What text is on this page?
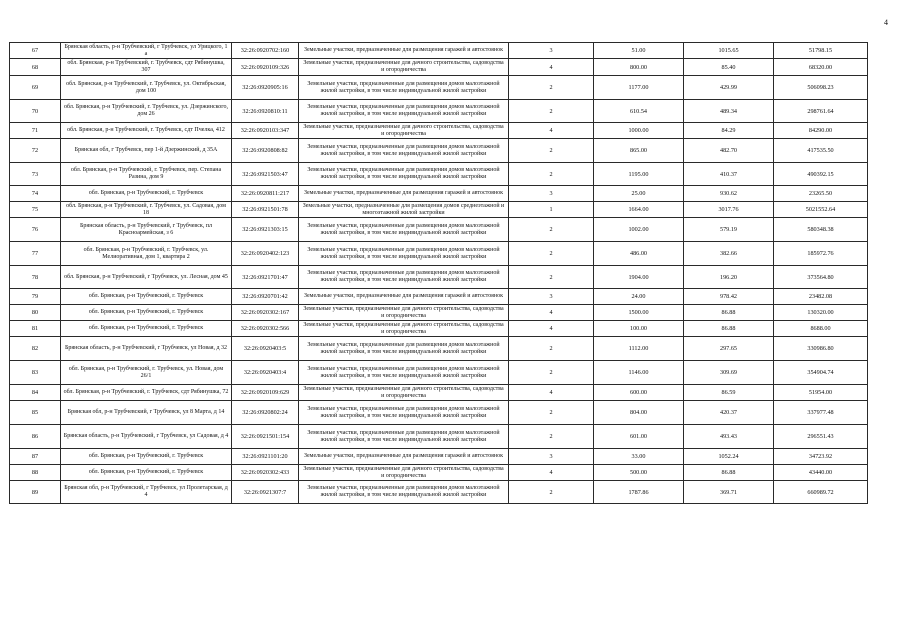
4
67	Брянская область, р-н Трубчевский, г Трубчевск, ул Урицкого, 1 а	32:26:0920702:160	Земельные участки, предназначенные для размещения гаражей и автостоянок	3	51.00	1015.65	51798.15
68	обл. Брянская, р-н Трубчевский, г. Трубчевск, сдт Рябинушка, 307	32:26:0920109:326	Земельные участки, предназначенные для дачного строительства, садоводства и огородничества	4	800.00	85.40	68320.00
69	обл. Брянская, р-н Трубчевский, г. Трубчевск, ул. Октябрьская, дом 100	32:26:0920905:16	Земельные участки, предназначенные для размещения домов малоэтажной жилой застройки, в том числе индивидуальной жилой застройки	2	1177.00	429.99	506098.23
70	обл. Брянская, р-н Трубчевский, г. Трубчевск, ул. Дзержинского, дом 26	32:26:0920810:11	Земельные участки, предназначенные для размещения домов малоэтажной жилой застройки, в том числе индивидуальной жилой застройки	2	610.54	489.34	298761.64
71	обл. Брянская, р-н Трубчевский, г. Трубчевск, сдт Пчелка, 412	32:26:0920103:347	Земельные участки, предназначенные для дачного строительства, садоводства и огородничества	4	1000.00	84.29	84290.00
72	Брянская обл, г Трубчевск, пер 1-й Дзержинский, д 35А	32:26:0920808:82	Земельные участки, предназначенные для размещения домов малоэтажной жилой застройки, в том числе индивидуальной жилой застройки	2	865.00	482.70	417535.50
73	обл. Брянская, р-н Трубчевский, г. Трубчевск, пер. Степана Разина, дом 9	32:26:0921503:47	Земельные участки, предназначенные для размещения домов малоэтажной жилой застройки, в том числе индивидуальной жилой застройки	2	1195.00	410.37	490392.15
74	обл. Брянская, р-н Трубчевский, г. Трубчевск	32:26:0920811:217	Земельные участки, предназначенные для размещения гаражей и автостоянок	3	25.00	930.62	23265.50
75	обл. Брянская, р-н Трубчевский, г. Трубчевск, ул. Садовая, дом 18	32:26:0921501:78	Земельные участки, предназначенные для размещения домов среднеэтажной и многоэтажной жилой застройки	1	1664.00	3017.76	5021552.64
76	Брянская область, р-н Трубчевский, г Трубчевск, пл Красноармейская, з 6	32:26:0921303:15	Земельные участки, предназначенные для размещения домов малоэтажной жилой застройки, в том числе индивидуальной жилой застройки	2	1002.00	579.19	580348.38
77	обл. Брянская, р-н Трубчевский, г. Трубчевск, ул. Мелиоративная, дом 1, квартира 2	32:26:0920402:123	Земельные участки, предназначенные для размещения домов малоэтажной жилой застройки, в том числе индивидуальной жилой застройки	2	486.00	382.66	185972.76
78	обл. Брянская, р-н Трубчевский, г Трубчевск, ул. Лесная, дом 45	32:26:0921701:47	Земельные участки, предназначенные для размещения домов малоэтажной жилой застройки, в том числе индивидуальной жилой застройки	2	1904.00	196.20	373564.80
79	обл. Брянская, р-н Трубчевский, г. Трубчевск	32:26:0920701:42	Земельные участки, предназначенные для размещения гаражей и автостоянок	3	24.00	978.42	23482.08
80	обл. Брянская, р-н Трубчевский, г. Трубчевск	32:26:0920302:167	Земельные участки, предназначенные для дачного строительства, садоводства и огородничества	4	1500.00	86.88	130320.00
81	обл. Брянская, р-н Трубчевский, г. Трубчевск	32:26:0920302:566	Земельные участки, предназначенные для дачного строительства, садоводства и огородничества	4	100.00	86.88	8688.00
82	Брянская область, р-н Трубчевский, г Трубчевск, ул Новая, д 32	32:26:0920403:5	Земельные участки, предназначенные для размещения домов малоэтажной жилой застройки, в том числе индивидуальной жилой застройки	2	1112.00	297.65	330986.80
83	обл. Брянская, р-н Трубчевский, г. Трубчевск, ул. Новая, дом 26/1	32:26:0920403:4	Земельные участки, предназначенные для размещения домов малоэтажной жилой застройки, в том числе индивидуальной жилой застройки	2	1146.00	309.69	354904.74
84	обл. Брянская, р-н Трубчевский, г. Трубчевск, сдт Рябинушка, 72	32:26:0920109:629	Земельные участки, предназначенные для дачного строительства, садоводства и огородничества	4	600.00	86.59	51954.00
85	Брянская обл, р-н Трубчевский, г Трубчевск, ул 8 Марта, д 14	32:26:0920802:24	Земельные участки, предназначенные для размещения домов малоэтажной жилой застройки, в том числе индивидуальной жилой застройки	2	804.00	420.37	337977.48
86	Брянская область, р-н Трубчевский, г Трубчевск, ул Садовая, д 4	32:26:0921501:154	Земельные участки, предназначенные для размещения домов малоэтажной жилой застройки, в том числе индивидуальной жилой застройки	2	601.00	493.43	296551.43
87	обл. Брянская, р-н Трубчевский, г. Трубчевск	32:26:0921101:20	Земельные участки, предназначенные для размещения гаражей и автостоянок	3	33.00	1052.24	34723.92
88	обл. Брянская, р-н Трубчевский, г. Трубчевск	32:26:0920302:433	Земельные участки, предназначенные для дачного строительства, садоводства и огородничества	4	500.00	86.88	43440.00
89	Брянская обл, р-н Трубчевский, г Трубчевск, ул Пролетарская, д 4	32:26:0921307:7	Земельные участки, предназначенные для размещения домов малоэтажной жилой застройки, в том числе индивидуальной жилой застройки	2	1787.86	369.71	660989.72
